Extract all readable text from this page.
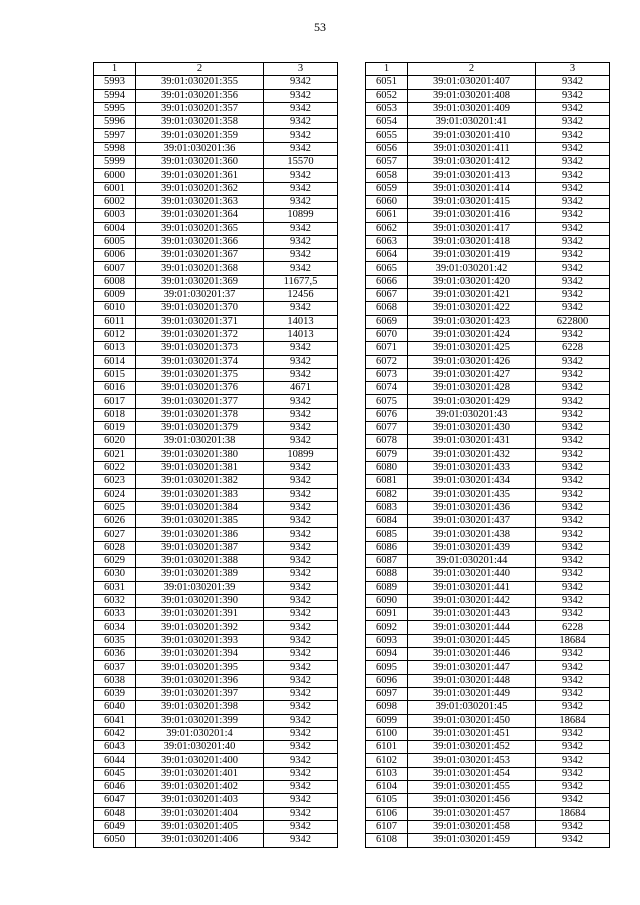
53
1	2	3
5993	39:01:030201:355	9342
5994	39:01:030201:356	9342
5995	39:01:030201:357	9342
5996	39:01:030201:358	9342
5997	39:01:030201:359	9342
5998	39:01:030201:36	9342
5999	39:01:030201:360	15570
6000	39:01:030201:361	9342
6001	39:01:030201:362	9342
6002	39:01:030201:363	9342
6003	39:01:030201:364	10899
6004	39:01:030201:365	9342
6005	39:01:030201:366	9342
6006	39:01:030201:367	9342
6007	39:01:030201:368	9342
6008	39:01:030201:369	11677,5
6009	39:01:030201:37	12456
6010	39:01:030201:370	9342
6011	39:01:030201:371	14013
6012	39:01:030201:372	14013
6013	39:01:030201:373	9342
6014	39:01:030201:374	9342
6015	39:01:030201:375	9342
6016	39:01:030201:376	4671
6017	39:01:030201:377	9342
6018	39:01:030201:378	9342
6019	39:01:030201:379	9342
6020	39:01:030201:38	9342
6021	39:01:030201:380	10899
6022	39:01:030201:381	9342
6023	39:01:030201:382	9342
6024	39:01:030201:383	9342
6025	39:01:030201:384	9342
6026	39:01:030201:385	9342
6027	39:01:030201:386	9342
6028	39:01:030201:387	9342
6029	39:01:030201:388	9342
6030	39:01:030201:389	9342
6031	39:01:030201:39	9342
6032	39:01:030201:390	9342
6033	39:01:030201:391	9342
6034	39:01:030201:392	9342
6035	39:01:030201:393	9342
6036	39:01:030201:394	9342
6037	39:01:030201:395	9342
6038	39:01:030201:396	9342
6039	39:01:030201:397	9342
6040	39:01:030201:398	9342
6041	39:01:030201:399	9342
6042	39:01:030201:4	9342
6043	39:01:030201:40	9342
6044	39:01:030201:400	9342
6045	39:01:030201:401	9342
6046	39:01:030201:402	9342
6047	39:01:030201:403	9342
6048	39:01:030201:404	9342
6049	39:01:030201:405	9342
6050	39:01:030201:406	9342
1	2	3
6051	39:01:030201:407	9342
6052	39:01:030201:408	9342
6053	39:01:030201:409	9342
6054	39:01:030201:41	9342
6055	39:01:030201:410	9342
6056	39:01:030201:411	9342
6057	39:01:030201:412	9342
6058	39:01:030201:413	9342
6059	39:01:030201:414	9342
6060	39:01:030201:415	9342
6061	39:01:030201:416	9342
6062	39:01:030201:417	9342
6063	39:01:030201:418	9342
6064	39:01:030201:419	9342
6065	39:01:030201:42	9342
6066	39:01:030201:420	9342
6067	39:01:030201:421	9342
6068	39:01:030201:422	9342
6069	39:01:030201:423	622800
6070	39:01:030201:424	9342
6071	39:01:030201:425	6228
6072	39:01:030201:426	9342
6073	39:01:030201:427	9342
6074	39:01:030201:428	9342
6075	39:01:030201:429	9342
6076	39:01:030201:43	9342
6077	39:01:030201:430	9342
6078	39:01:030201:431	9342
6079	39:01:030201:432	9342
6080	39:01:030201:433	9342
6081	39:01:030201:434	9342
6082	39:01:030201:435	9342
6083	39:01:030201:436	9342
6084	39:01:030201:437	9342
6085	39:01:030201:438	9342
6086	39:01:030201:439	9342
6087	39:01:030201:44	9342
6088	39:01:030201:440	9342
6089	39:01:030201:441	9342
6090	39:01:030201:442	9342
6091	39:01:030201:443	9342
6092	39:01:030201:444	6228
6093	39:01:030201:445	18684
6094	39:01:030201:446	9342
6095	39:01:030201:447	9342
6096	39:01:030201:448	9342
6097	39:01:030201:449	9342
6098	39:01:030201:45	9342
6099	39:01:030201:450	18684
6100	39:01:030201:451	9342
6101	39:01:030201:452	9342
6102	39:01:030201:453	9342
6103	39:01:030201:454	9342
6104	39:01:030201:455	9342
6105	39:01:030201:456	9342
6106	39:01:030201:457	18684
6107	39:01:030201:458	9342
6108	39:01:030201:459	9342
